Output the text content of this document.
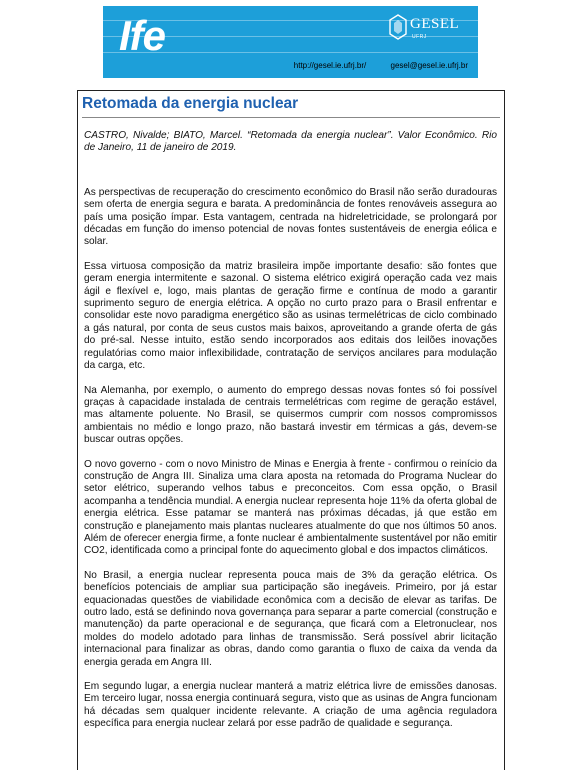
Ife	GESEL
UFRJ
http://gesel.ie.ufrj.br/	gesel@gesel.ie.ufrj.br
Retomada da energia nuclear

CASTRO, Nivalde; BIATO, Marcel. “Retomada da energia nuclear”. Valor Econômico. Rio de Janeiro, 11 de janeiro de 2019.

As perspectivas de recuperação do crescimento econômico do Brasil não serão duradouras sem oferta de energia segura e barata. A predominância de fontes renováveis assegura ao país uma posição ímpar. Esta vantagem, centrada na hidreletricidade, se prolongará por décadas em função do imenso potencial de novas fontes sustentáveis de energia eólica e solar.

Essa virtuosa composição da matriz brasileira impõe importante desafio: são fontes que geram energia intermitente e sazonal. O sistema elétrico exigirá operação cada vez mais ágil e flexível e, logo, mais plantas de geração firme e contínua de modo a garantir suprimento seguro de energia elétrica. A opção no curto prazo para o Brasil enfrentar e consolidar este novo paradigma energético são as usinas termelétricas de ciclo combinado a gás natural, por conta de seus custos mais baixos, aproveitando a grande oferta de gás do pré-sal. Nesse intuito, estão sendo incorporados aos editais dos leilões inovações regulatórias como maior inflexibilidade, contratação de serviços ancilares para modulação da carga, etc.

Na Alemanha, por exemplo, o aumento do emprego dessas novas fontes só foi possível graças à capacidade instalada de centrais termelétricas com regime de geração estável, mas altamente poluente. No Brasil, se quisermos cumprir com nossos compromissos ambientais no médio e longo prazo, não bastará investir em térmicas a gás, devem-se buscar outras opções.

O novo governo - com o novo Ministro de Minas e Energia à frente - confirmou o reinício da construção de Angra III. Sinaliza uma clara aposta na retomada do Programa Nuclear do setor elétrico, superando velhos tabus e preconceitos. Com essa opção, o Brasil acompanha a tendência mundial. A energia nuclear representa hoje 11% da oferta global de energia elétrica. Esse patamar se manterá nas próximas décadas, já que estão em construção e planejamento mais plantas nucleares atualmente do que nos últimos 50 anos. Além de oferecer energia firme, a fonte nuclear é ambientalmente sustentável por não emitir CO2, identificada como a principal fonte do aquecimento global e dos impactos climáticos.

No Brasil, a energia nuclear representa pouca mais de 3% da geração elétrica. Os benefícios potenciais de ampliar sua participação são inegáveis. Primeiro, por já estar equacionadas questões de viabilidade econômica com a decisão de elevar as tarifas. De outro lado, está se definindo nova governança para separar a parte comercial (construção e manutenção) da parte operacional e de segurança, que ficará com a Eletronuclear, nos moldes do modelo adotado para linhas de transmissão. Será possível abrir licitação internacional para finalizar as obras, dando como garantia o fluxo de caixa da venda da energia gerada em Angra III.

Em segundo lugar, a energia nuclear manterá a matriz elétrica livre de emissões danosas. Em terceiro lugar, nossa energia continuará segura, visto que as usinas de Angra funcionam há décadas sem qualquer incidente relevante. A criação de uma agência reguladora específica para energia nuclear zelará por esse padrão de qualidade e segurança.
